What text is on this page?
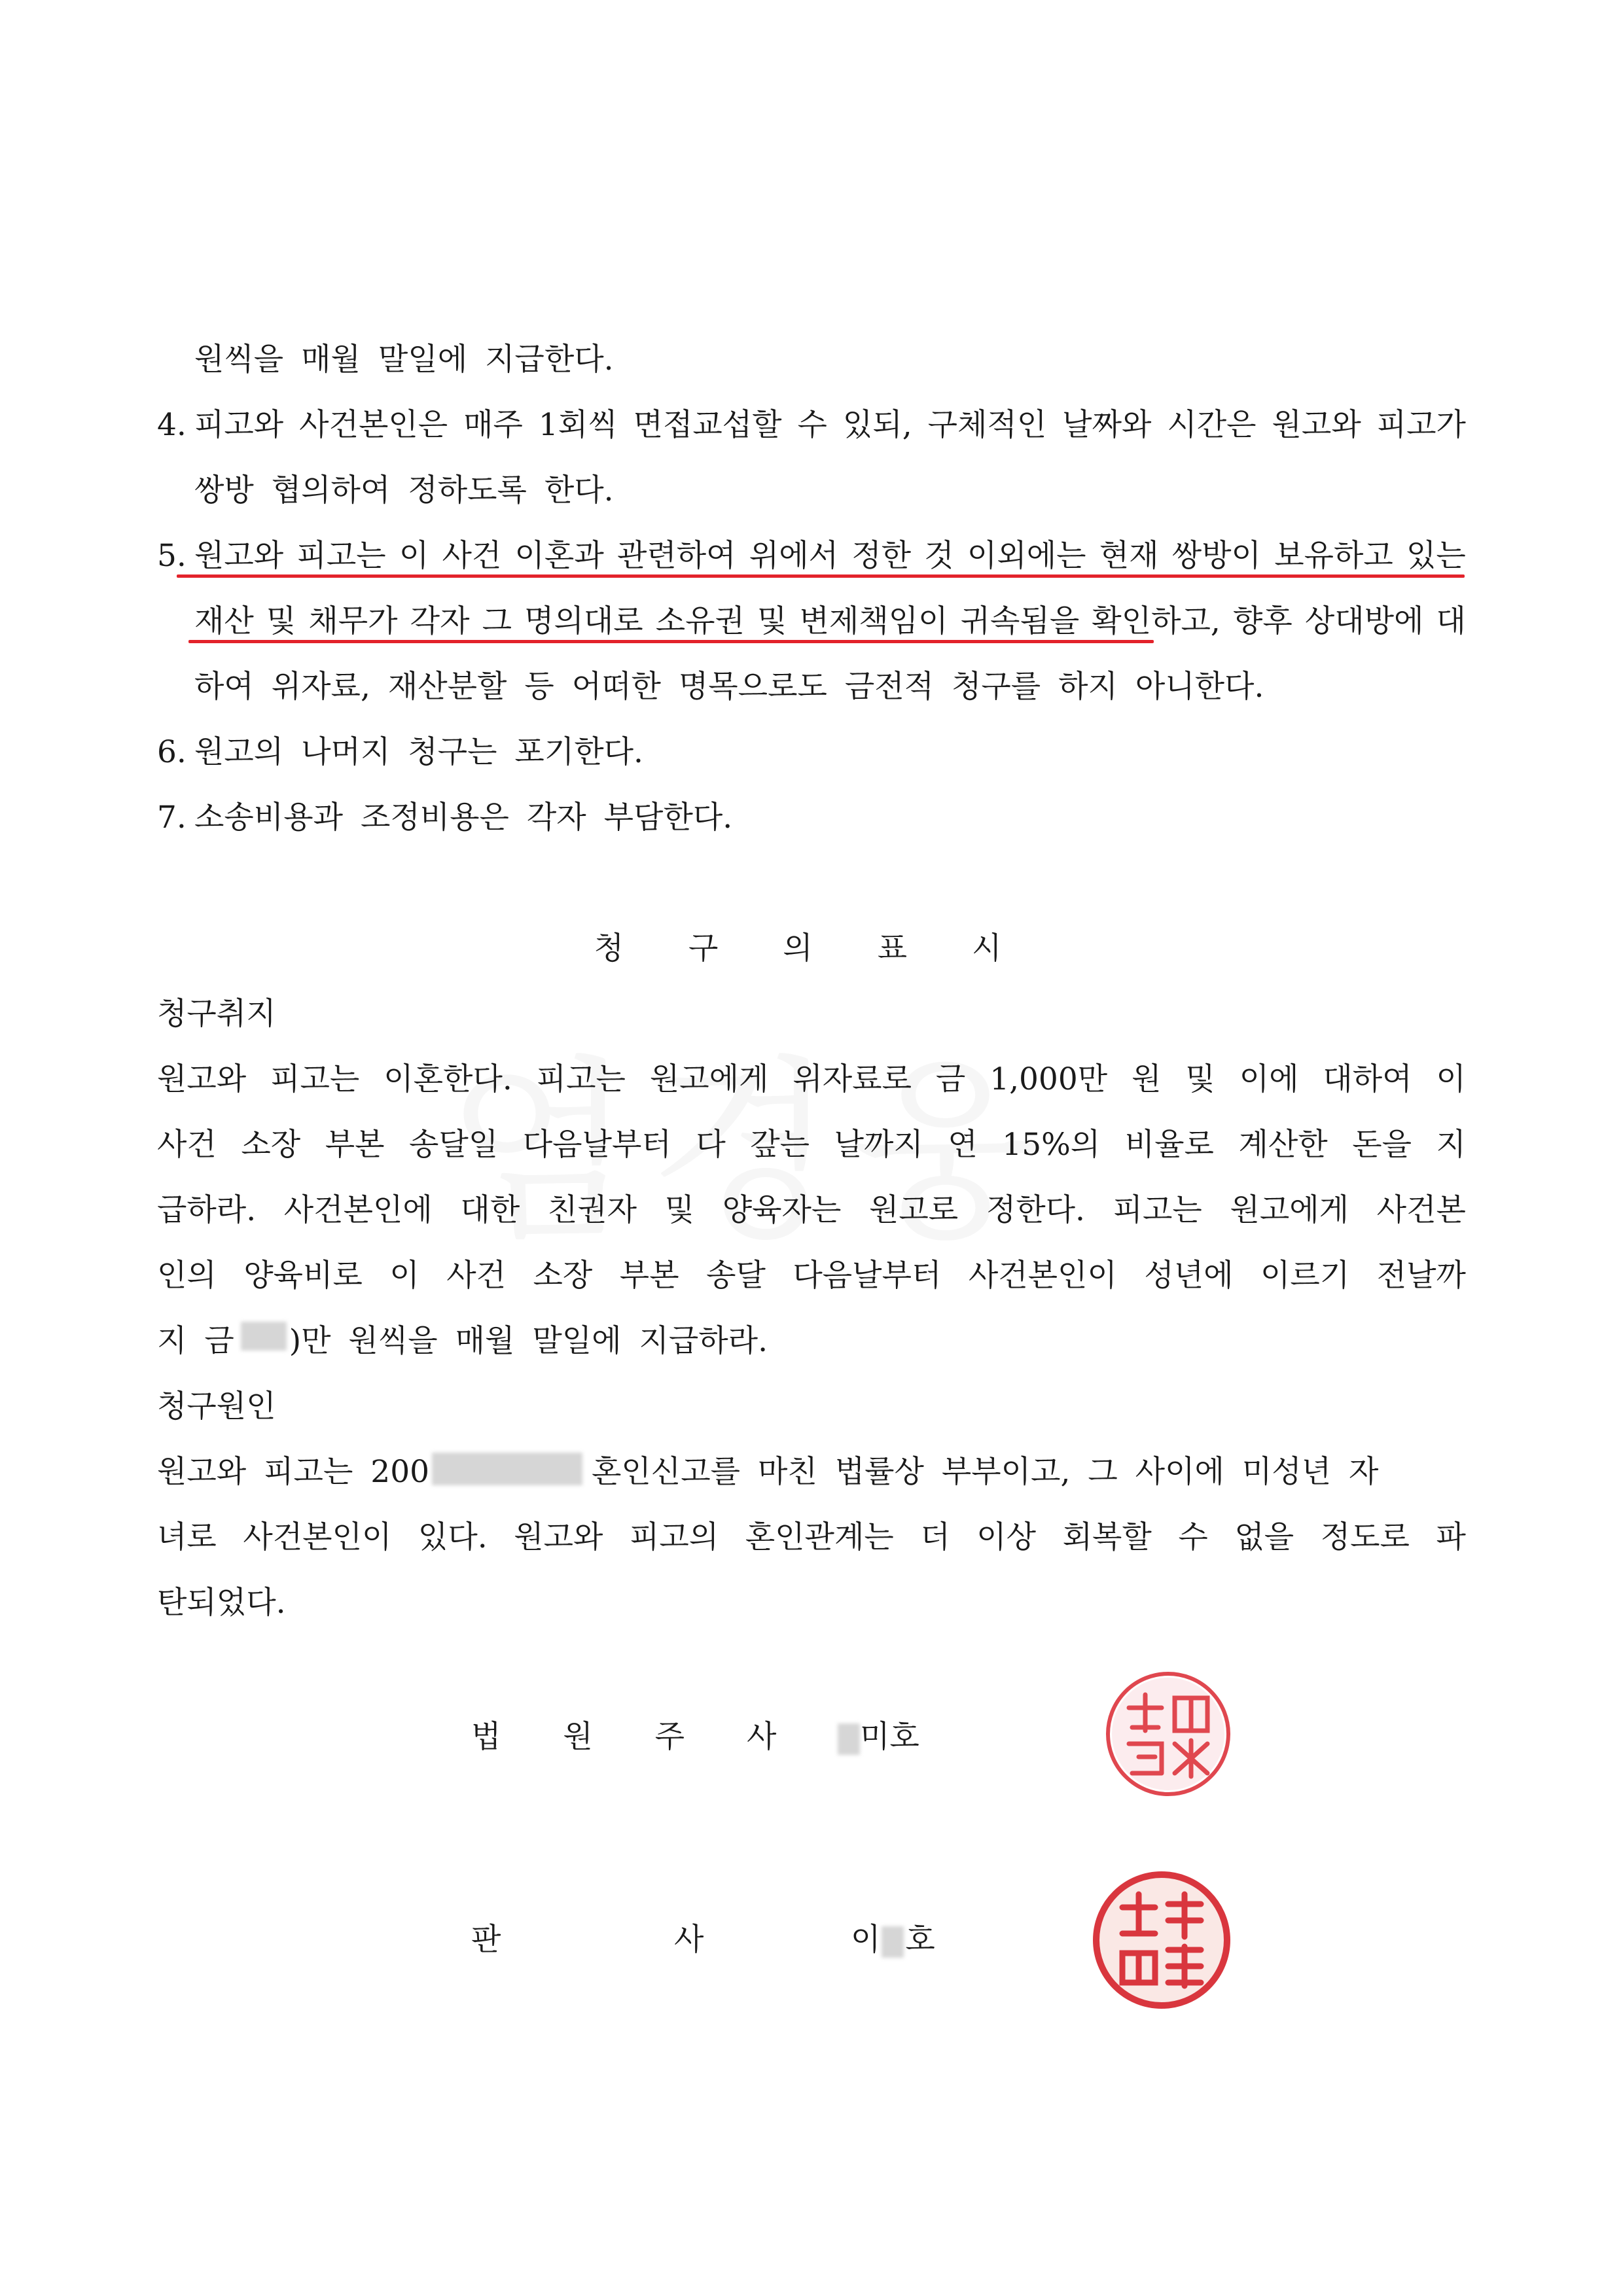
원씩을 매월 말일에 지급한다.
4. 피고와 사건본인은 매주 1회씩 면접교섭할 수 있되, 구체적인 날짜와 시간은 원고와 피고가
쌍방 협의하여 정하도록 한다.
5. 원고와 피고는 이 사건 이혼과 관련하여 위에서 정한 것 이외에는 현재 쌍방이 보유하고 있는
재산 및 채무가 각자 그 명의대로 소유권 및 변제책임이 귀속됨을 확인하고, 향후 상대방에 대
하여 위자료, 재산분할 등 어떠한 명목으로도 금전적 청구를 하지 아니한다.
6. 원고의 나머지 청구는 포기한다.
7. 소송비용과 조정비용은 각자 부담한다.
청 구 의 표 시
청구취지
원고와 피고는 이혼한다. 피고는 원고에게 위자료로 금 1,000만 원 및 이에 대하여 이
사건 소장 부본 송달일 다음날부터 다 갚는 날까지 연 15%의 비율로 계산한 돈을 지
급하라. 사건본인에 대한 친권자 및 양육자는 원고로 정한다. 피고는 원고에게 사건본
인의 양육비로 이 사건 소장 부본 송달 다음날부터 사건본인이 성년에 이르기 전날까
지 금 )만 원씩을 매월 말일에 지급하라.
청구원인
원고와 피고는 200	혼인신고를 마친 법률상 부부이고, 그 사이에 미성년 자
녀로 사건본인이 있다. 원고와 피고의 혼인관계는 더 이상 회복할 수 없을 정도로 파
탄되었다.
법 원 주 사	미호
판	사	이 호
